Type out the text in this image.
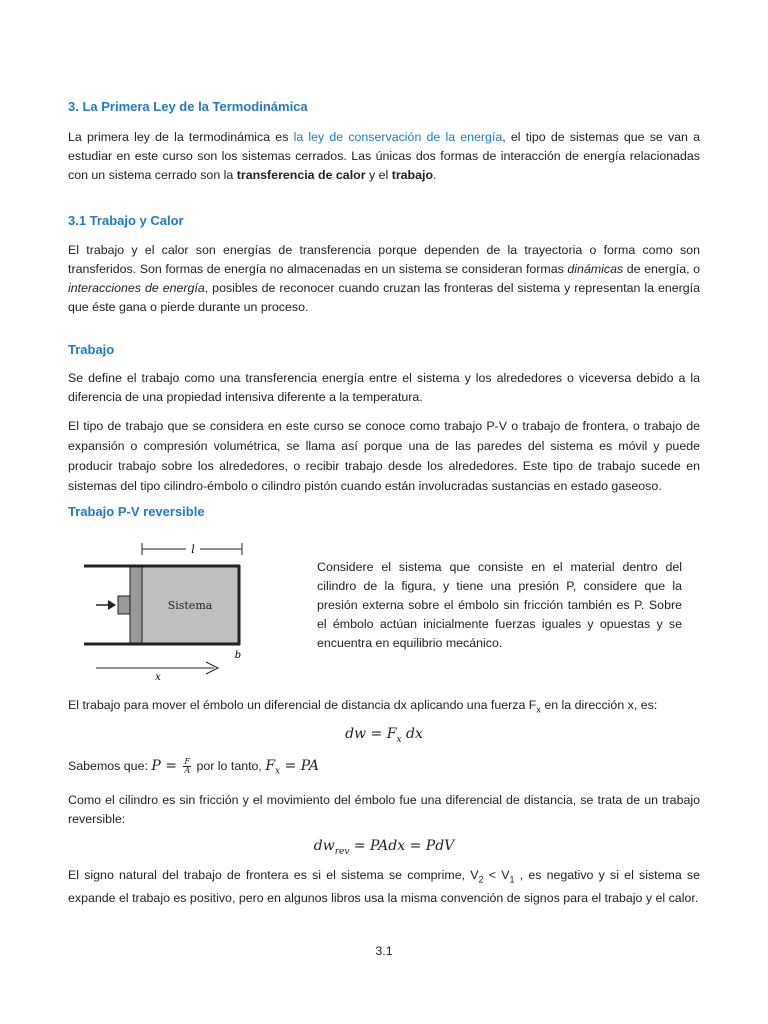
3. La Primera Ley de la Termodinámica
La primera ley de la termodinámica es la ley de conservación de la energía, el tipo de sistemas que se van a estudiar en este curso son los sistemas cerrados. Las únicas dos formas de interacción de energía relacionadas con un sistema cerrado son la transferencia de calor y el trabajo.
3.1 Trabajo y Calor
El trabajo y el calor son energías de transferencia porque dependen de la trayectoria o forma como son transferidos. Son formas de energía no almacenadas en un sistema se consideran formas dinámicas de energía, o interacciones de energía, posibles de reconocer cuando cruzan las fronteras del sistema y representan la energía que éste gana o pierde durante un proceso.
Trabajo
Se define el trabajo como una transferencia energía entre el sistema y los alrededores o viceversa debido a la diferencia de una propiedad intensiva diferente a la temperatura.
El tipo de trabajo que se considera en este curso se conoce como trabajo P-V o trabajo de frontera, o trabajo de expansión o compresión volumétrica, se llama así porque una de las paredes del sistema es móvil y puede producir trabajo sobre los alrededores, o recibir trabajo desde los alrededores. Este tipo de trabajo sucede en sistemas del tipo cilindro-émbolo o cilindro pistón cuando están involucradas sustancias en estado gaseoso.
Trabajo P-V reversible
l
Sistema
b
x
Considere el sistema que consiste en el material dentro del cilindro de la figura, y tiene una presión P, considere que la presión externa sobre el émbolo sin fricción también es P. Sobre el émbolo actúan inicialmente fuerzas iguales y opuestas y se encuentra en equilibrio mecánico.
El trabajo para mover el émbolo un diferencial de distancia dx aplicando una fuerza $F_x$ en la dirección x, es:
dw = $F_x$ dx
Sabemos que: $P = \frac{F}{A}$ por lo tanto, $F_x$ = PA
Como el cilindro es sin fricción y el movimiento del émbolo fue una diferencial de distancia, se trata de un trabajo reversible:
$dw_{rev}$ = PAdx = PdV
El signo natural del trabajo de frontera es si el sistema se comprime, $V_2 < V_1$ , es negativo y si el sistema se expande el trabajo es positivo, pero en algunos libros usa la misma convención de signos para el trabajo y el calor.
3.1
